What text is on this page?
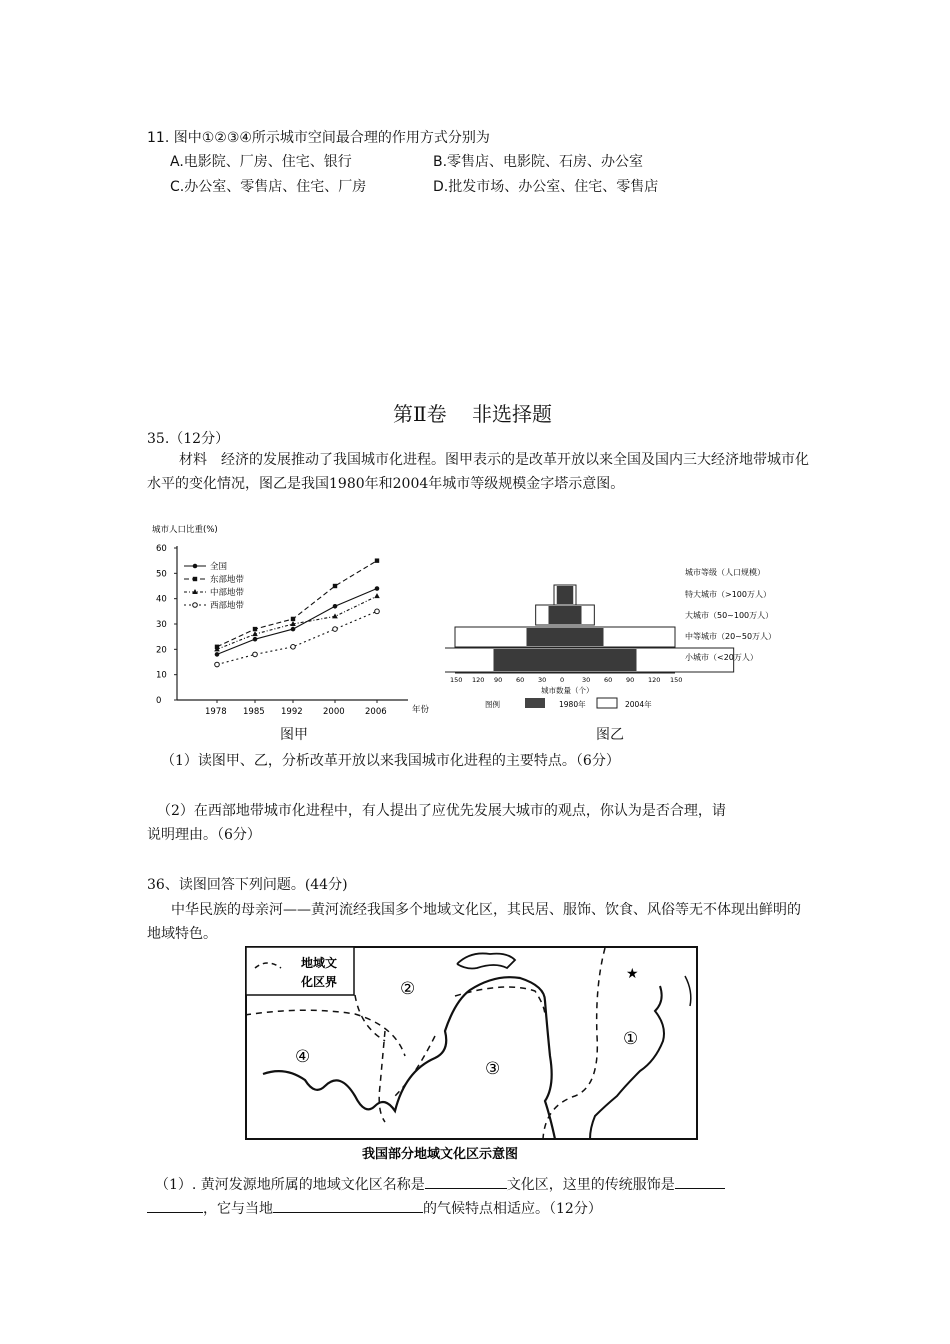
11. 图中①②③④所示城市空间最合理的作用方式分别为
A.电影院、厂房、住宅、银行	B.零售店、电影院、石房、办公室
C.办公室、零售店、住宅、厂房	D.批发市场、办公室、住宅、零售店
第Ⅱ卷    非选择题
35.（12分）
材料　经济的发展推动了我国城市化进程。图甲表示的是改革开放以来全国及国内三大经济地带城市化水平的变化情况，图乙是我国1980年和2004年城市等级规模金字塔示意图。
城市人口比重(%)
0
10
20
30
40
50
60
1978 1985 1992 2000 2006	年份
全国
东部地带
中部地带
西部地带
图甲
150 120 90 60 30 0	30 60 90 120 150
城市数量（个）
城市等级（人口规模）
特大城市（>100万人）
大城市（50~100万人）
中等城市（20~50万人）
小城市（<20万人）
图例	1980年	2004年
图乙
（1）读图甲、乙，分析改革开放以来我国城市化进程的主要特点。（6分）
（2）在西部地带城市化进程中，有人提出了应优先发展大城市的观点，你认为是否合理，请
说明理由。（6分）
36、读图回答下列问题。(44分)
中华民族的母亲河——黄河流经我国多个地域文化区，其民居、服饰、饮食、风俗等无不体现出鲜明的地域特色。
地域文
化区界	②
④
③
①
★
我国部分地域文化区示意图
（1）. 黄河发源地所属的地域文化区名称是	文化区，这里的传统服饰是
，它与当地	的气候特点相适应。（12分）
